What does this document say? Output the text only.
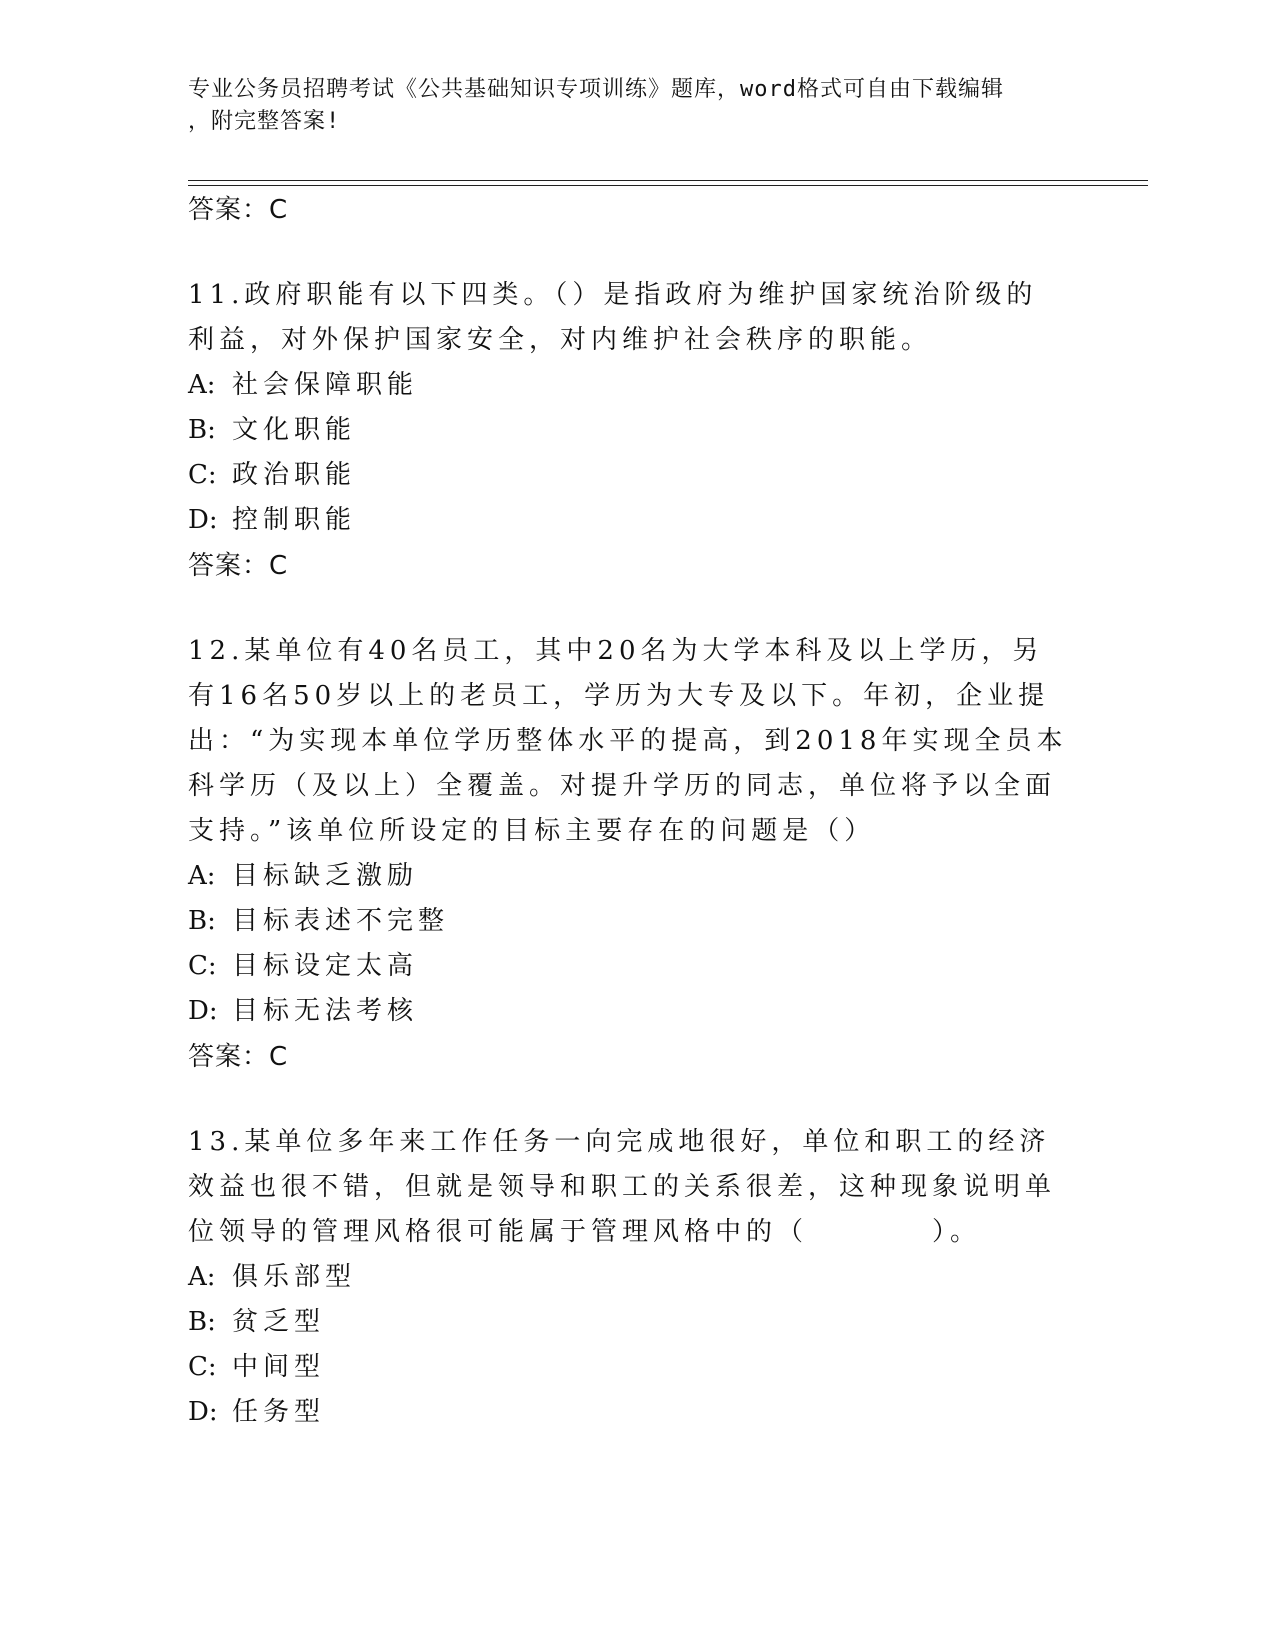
专业公务员招聘考试《公共基础知识专项训练》题库，word格式可自由下载编辑
，附完整答案!
答案：C
11.政府职能有以下四类。（）是指政府为维护国家统治阶级的利益，对外保护国家安全，对内维护社会秩序的职能。
A: 社会保障职能
B: 文化职能
C: 政治职能
D: 控制职能
答案：C
12.某单位有40名员工，其中20名为大学本科及以上学历，另有16名50岁以上的老员工，学历为大专及以下。年初，企业提出：“为实现本单位学历整体水平的提高，到2018年实现全员本科学历（及以上）全覆盖。对提升学历的同志，单位将予以全面支持。”该单位所设定的目标主要存在的问题是（）
A: 目标缺乏激励
B: 目标表述不完整
C: 目标设定太高
D: 目标无法考核
答案：C
13.某单位多年来工作任务一向完成地很好，单位和职工的经济效益也很不错，但就是领导和职工的关系很差，这种现象说明单位领导的管理风格很可能属于管理风格中的（　　　　）。
A: 俱乐部型
B: 贫乏型
C: 中间型
D: 任务型
